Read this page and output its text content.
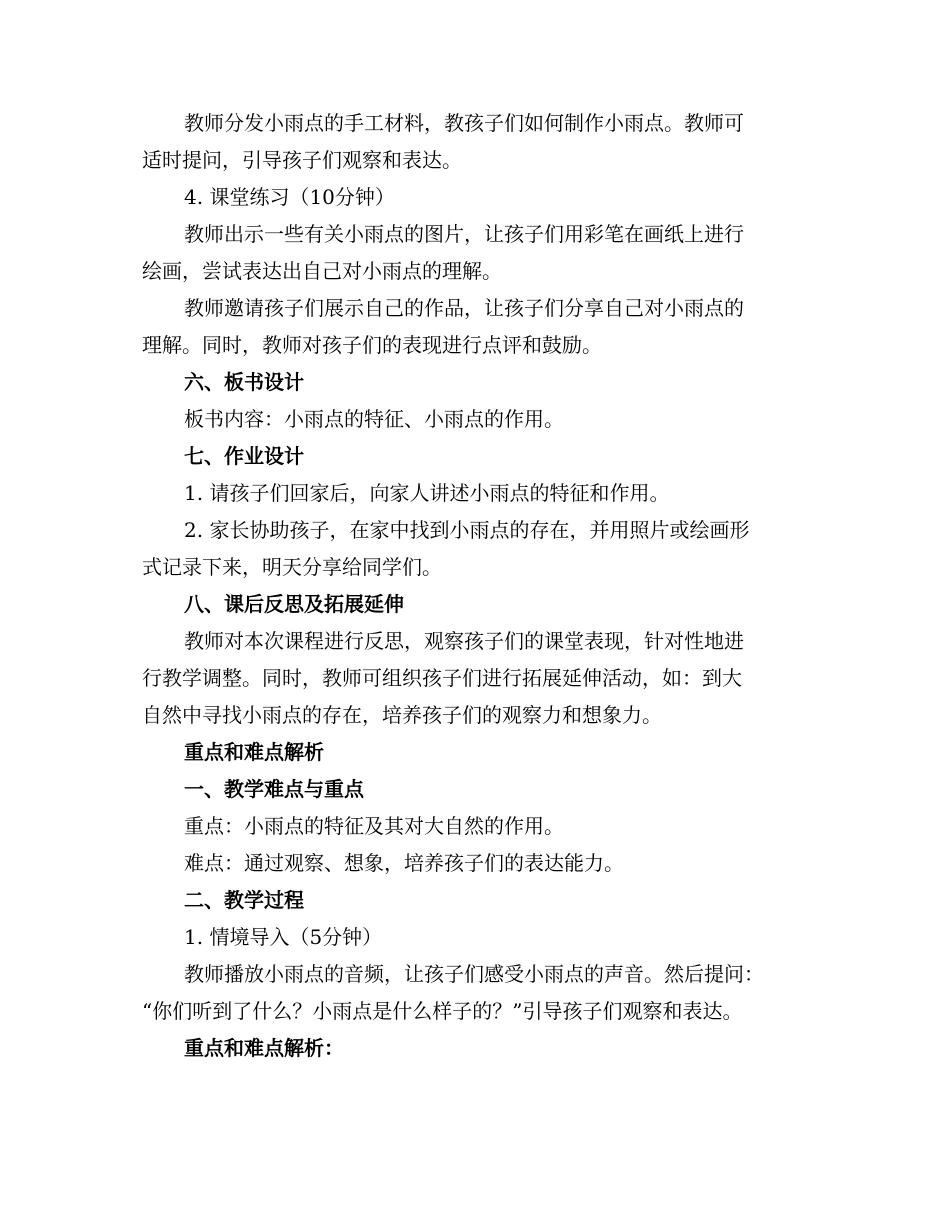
教师分发小雨点的手工材料，教孩子们如何制作小雨点。教师可
适时提问，引导孩子们观察和表达。
4. 课堂练习（10分钟）
教师出示一些有关小雨点的图片，让孩子们用彩笔在画纸上进行
绘画，尝试表达出自己对小雨点的理解。
教师邀请孩子们展示自己的作品，让孩子们分享自己对小雨点的
理解。同时，教师对孩子们的表现进行点评和鼓励。
六、板书设计
板书内容：小雨点的特征、小雨点的作用。
七、作业设计
1. 请孩子们回家后，向家人讲述小雨点的特征和作用。
2. 家长协助孩子，在家中找到小雨点的存在，并用照片或绘画形
式记录下来，明天分享给同学们。
八、课后反思及拓展延伸
教师对本次课程进行反思，观察孩子们的课堂表现，针对性地进
行教学调整。同时，教师可组织孩子们进行拓展延伸活动，如：到大
自然中寻找小雨点的存在，培养孩子们的观察力和想象力。
重点和难点解析
一、教学难点与重点
重点：小雨点的特征及其对大自然的作用。
难点：通过观察、想象，培养孩子们的表达能力。
二、教学过程
1. 情境导入（5分钟）
教师播放小雨点的音频，让孩子们感受小雨点的声音。然后提问：
“你们听到了什么？小雨点是什么样子的？”引导孩子们观察和表达。
重点和难点解析：
